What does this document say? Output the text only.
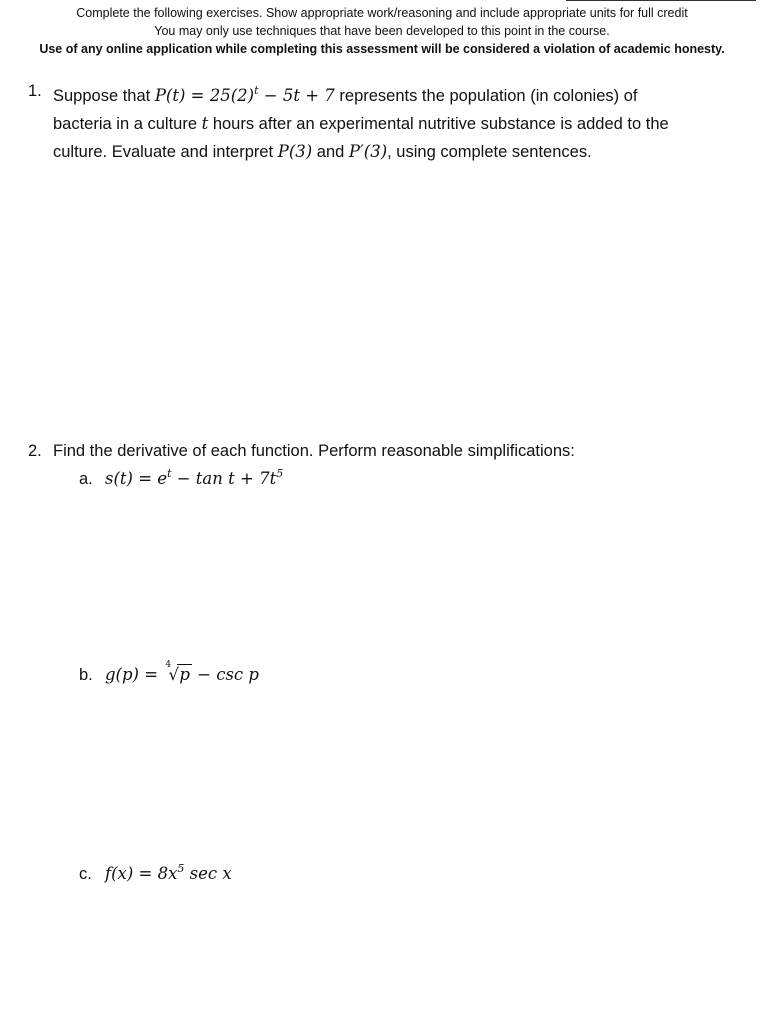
Complete the following exercises. Show appropriate work/reasoning and include appropriate units for full credit
You may only use techniques that have been developed to this point in the course.
Use of any online application while completing this assessment will be considered a violation of academic honesty.
1. Suppose that $P(t) = 25(2)^t - 5t + 7$ represents the population (in colonies) of
bacteria in a culture t hours after an experimental nutritive substance is added to the
culture. Evaluate and interpret P(3) and P′(3), using complete sentences.
2. Find the derivative of each function. Perform reasonable simplifications:
a. $s(t) = e^t - \tan t + 7t^5$
b. g(p) = 4
√ p − csc p
c. $f(x) = 8x^5$ sec x
